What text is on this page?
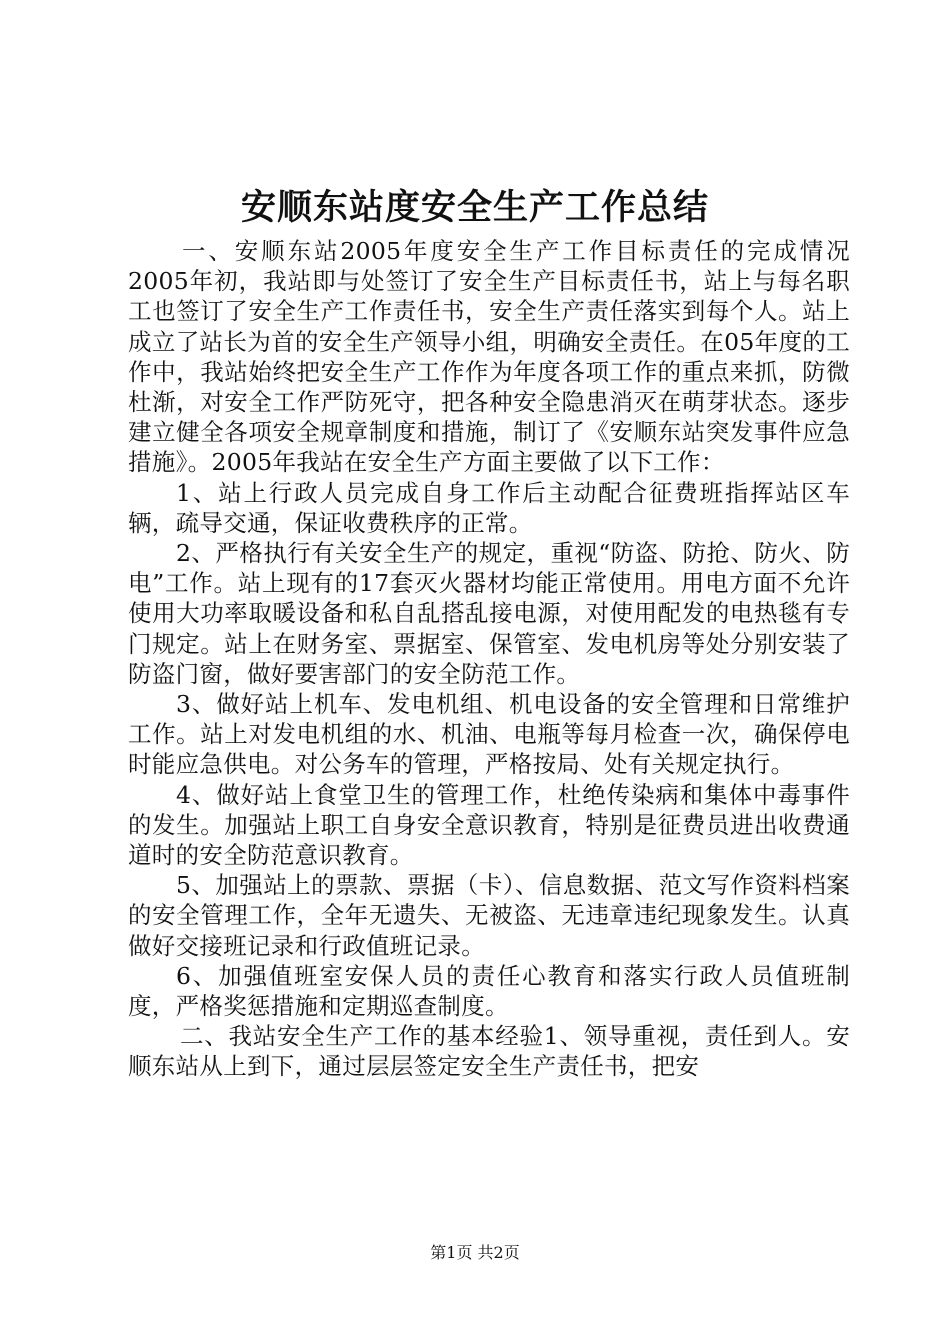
安顺东站度安全生产工作总结

一、安顺东站2005年度安全生产工作目标责任的完成情况2005年初，我站即与处签订了安全生产目标责任书，站上与每名职工也签订了安全生产工作责任书，安全生产责任落实到每个人。站上成立了站长为首的安全生产领导小组，明确安全责任。在05年度的工作中，我站始终把安全生产工作作为年度各项工作的重点来抓，防微杜渐，对安全工作严防死守，把各种安全隐患消灭在萌芽状态。逐步建立健全各项安全规章制度和措施，制订了《安顺东站突发事件应急措施》。2005年我站在安全生产方面主要做了以下工作：

1、站上行政人员完成自身工作后主动配合征费班指挥站区车辆，疏导交通，保证收费秩序的正常。

2、严格执行有关安全生产的规定，重视“防盗、防抢、防火、防电”工作。站上现有的17套灭火器材均能正常使用。用电方面不允许使用大功率取暖设备和私自乱搭乱接电源，对使用配发的电热毯有专门规定。站上在财务室、票据室、保管室、发电机房等处分别安装了防盗门窗，做好要害部门的安全防范工作。

3、做好站上机车、发电机组、机电设备的安全管理和日常维护工作。站上对发电机组的水、机油、电瓶等每月检查一次，确保停电时能应急供电。对公务车的管理，严格按局、处有关规定执行。

4、做好站上食堂卫生的管理工作，杜绝传染病和集体中毒事件的发生。加强站上职工自身安全意识教育，特别是征费员进出收费通道时的安全防范意识教育。

5、加强站上的票款、票据（卡）、信息数据、范文写作资料档案的安全管理工作，全年无遗失、无被盗、无违章违纪现象发生。认真做好交接班记录和行政值班记录。

6、加强值班室安保人员的责任心教育和落实行政人员值班制度，严格奖惩措施和定期巡查制度。

二、我站安全生产工作的基本经验1、领导重视，责任到人。安顺东站从上到下，通过层层签定安全生产责任书，把安

第1页 共2页
